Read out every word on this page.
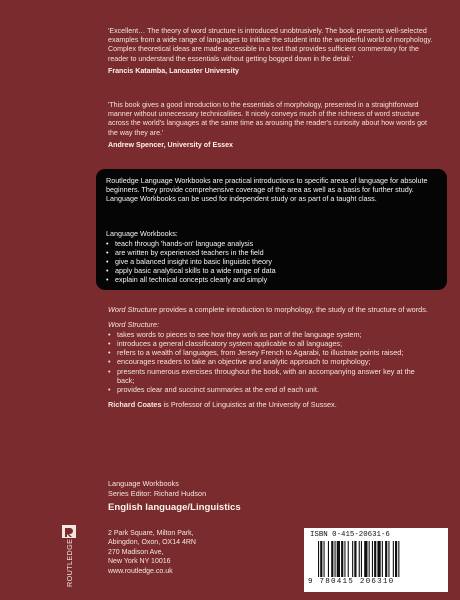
'Excellent… The theory of word structure is introduced unobtrusively. The book presents well-selected examples from a wide range of languages to initiate the student into the wonderful world of morphology. Complex theoretical ideas are made accessible in a text that provides sufficient commentary for the reader to understand the essentials without getting bogged down in the detail.'

Francis Katamba, Lancaster University

'This book gives a good introduction to the essentials of morphology, presented in a straightforward manner without unnecessary technicalities. It nicely conveys much of the richness of word structure across the world's languages at the same time as arousing the reader's curiosity about how words got the way they are.'

Andrew Spencer, University of Essex

Routledge Language Workbooks are practical introductions to specific areas of language for absolute beginners. They provide comprehensive coverage of the area as well as a basis for further study. Language Workbooks can be used for independent study or as part of a taught class.
Language Workbooks:
• teach through 'hands-on' language analysis
• are written by experienced teachers in the field
• give a balanced insight into basic linguistic theory
• apply basic analytical skills to a wide range of data
• explain all technical concepts clearly and simply

Word Structure provides a complete introduction to morphology, the study of the structure of words.

Word Structure:

• takes words to pieces to see how they work as part of the language system;
• introduces a general classificatory system applicable to all languages;
• refers to a wealth of languages, from Jersey French to Agarabi, to illustrate points raised;
• encourages readers to take an objective and analytic approach to morphology;
• presents numerous exercises throughout the book, with an accompanying answer key at the back;
• provides clear and succinct summaries at the end of each unit.

Richard Coates is Professor of Linguistics at the University of Sussex.

Language Workbooks
Series Editor: Richard Hudson
English language/Linguistics
ROUTLEDGE
2 Park Square, Milton Park,
Abingdon, Oxon, OX14 4RN
270 Madison Ave,
New York NY 10016
www.routledge.co.uk
ISBN 0-415-20631-6
9 780415 206310
